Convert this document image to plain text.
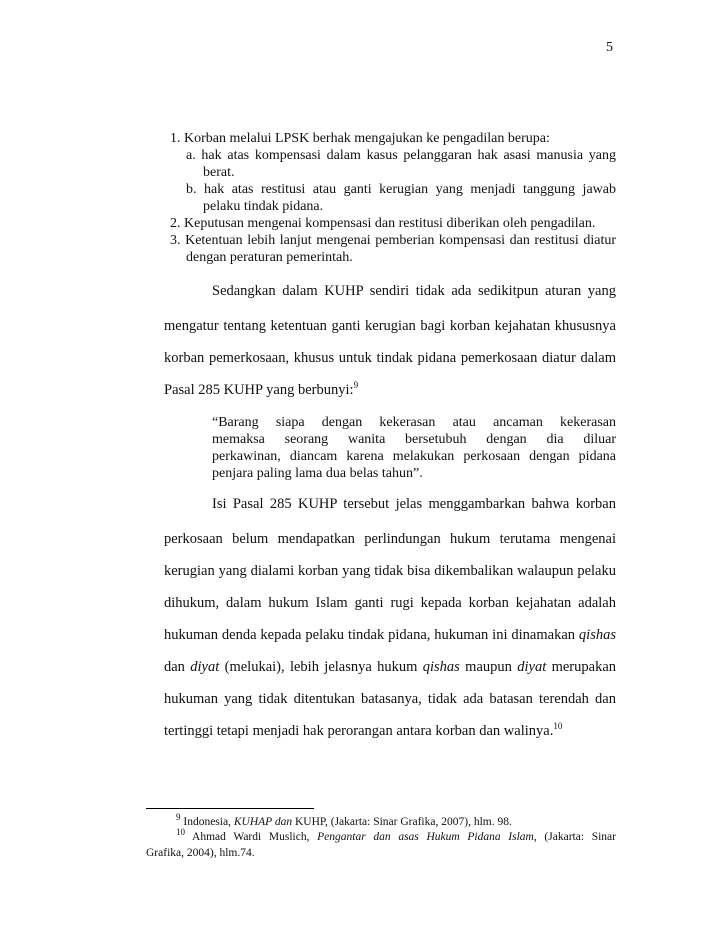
5
1. Korban melalui LPSK berhak mengajukan ke pengadilan berupa:
a. hak atas kompensasi dalam kasus pelanggaran hak asasi manusia yang
berat.
b. hak atas restitusi atau ganti kerugian yang menjadi tanggung jawab
pelaku tindak pidana.
2. Keputusan mengenai kompensasi dan restitusi diberikan oleh pengadilan.
3. Ketentuan lebih lanjut mengenai pemberian kompensasi dan restitusi diatur
dengan peraturan pemerintah.
Sedangkan dalam KUHP sendiri tidak ada sedikitpun aturan yang
mengatur tentang ketentuan ganti kerugian bagi korban kejahatan khususnya
korban pemerkosaan, khusus untuk tindak pidana pemerkosaan diatur dalam
Pasal 285 KUHP yang berbunyi:$^9$
“Barang siapa dengan kekerasan atau ancaman kekerasan
memaksa seorang wanita bersetubuh dengan dia diluar
perkawinan, diancam karena melakukan perkosaan dengan pidana
penjara paling lama dua belas tahun”.
Isi Pasal 285 KUHP tersebut jelas menggambarkan bahwa korban
perkosaan belum mendapatkan perlindungan hukum terutama mengenai
kerugian yang dialami korban yang tidak bisa dikembalikan walaupun pelaku
dihukum, dalam hukum Islam ganti rugi kepada korban kejahatan adalah
hukuman denda kepada pelaku tindak pidana, hukuman ini dinamakan qishas
dan diyat (melukai), lebih jelasnya hukum qishas maupun diyat merupakan
hukuman yang tidak ditentukan batasanya, tidak ada batasan terendah dan
tertinggi tetapi menjadi hak perorangan antara korban dan walinya.$^{10}$
$^9$ Indonesia, KUHAP dan KUHP, (Jakarta: Sinar Grafika, 2007), hlm. 98.
$^{10}$ Ahmad Wardi Muslich, Pengantar dan asas Hukum Pidana Islam, (Jakarta: Sinar
Grafika, 2004), hlm.74.
